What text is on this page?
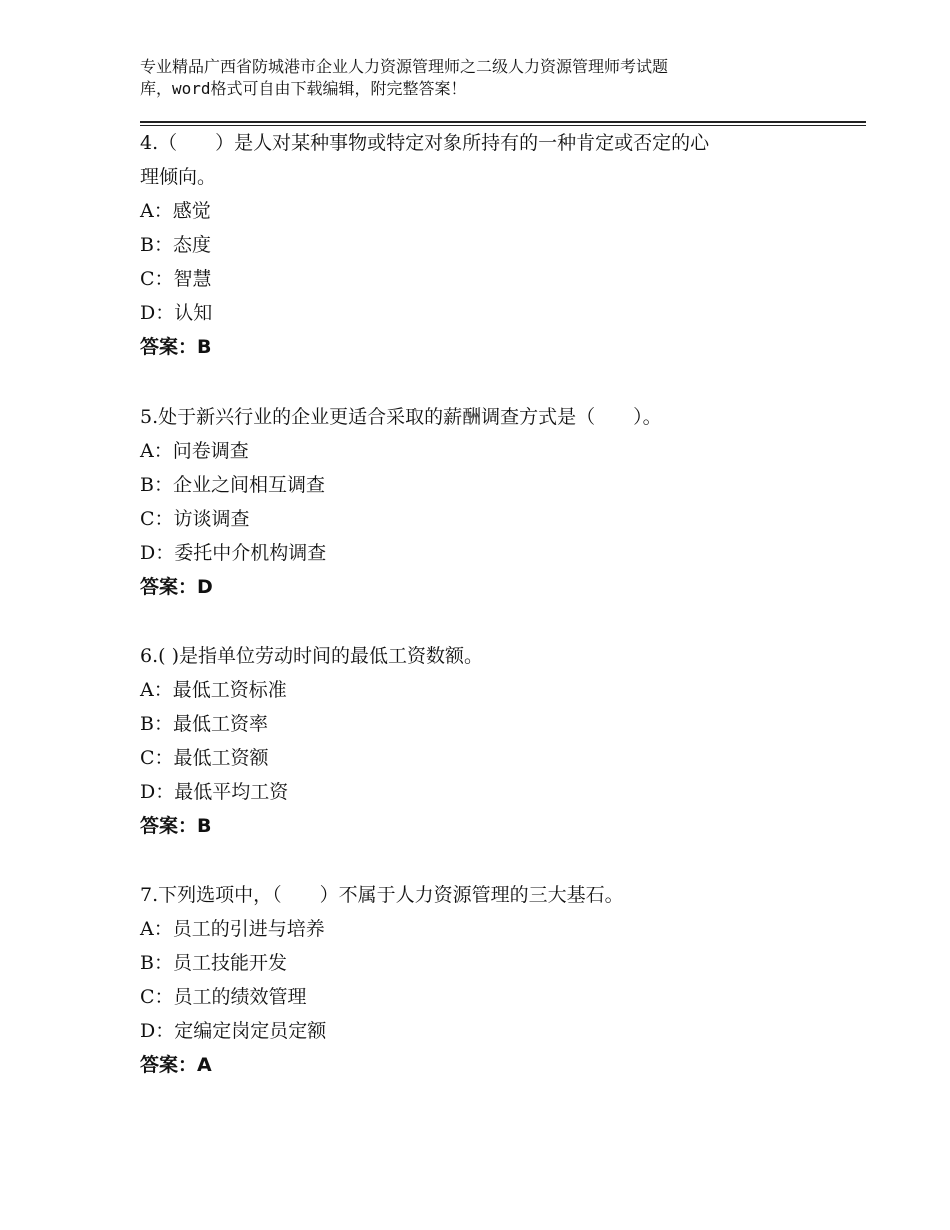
专业精品广西省防城港市企业人力资源管理师之二级人力资源管理师考试题
库，word格式可自由下载编辑，附完整答案！
4.（　　）是人对某种事物或特定对象所持有的一种肯定或否定的心
理倾向。
A：感觉
B：态度
C：智慧
D：认知
答案：B
5.处于新兴行业的企业更适合采取的薪酬调查方式是（　　）。
A：问卷调查
B：企业之间相互调查
C：访谈调查
D：委托中介机构调查
答案：D
6.( )是指单位劳动时间的最低工资数额。
A：最低工资标准
B：最低工资率
C：最低工资额
D：最低平均工资
答案：B
7.下列选项中，（　　）不属于人力资源管理的三大基石。
A：员工的引进与培养
B：员工技能开发
C：员工的绩效管理
D：定编定岗定员定额
答案：A
